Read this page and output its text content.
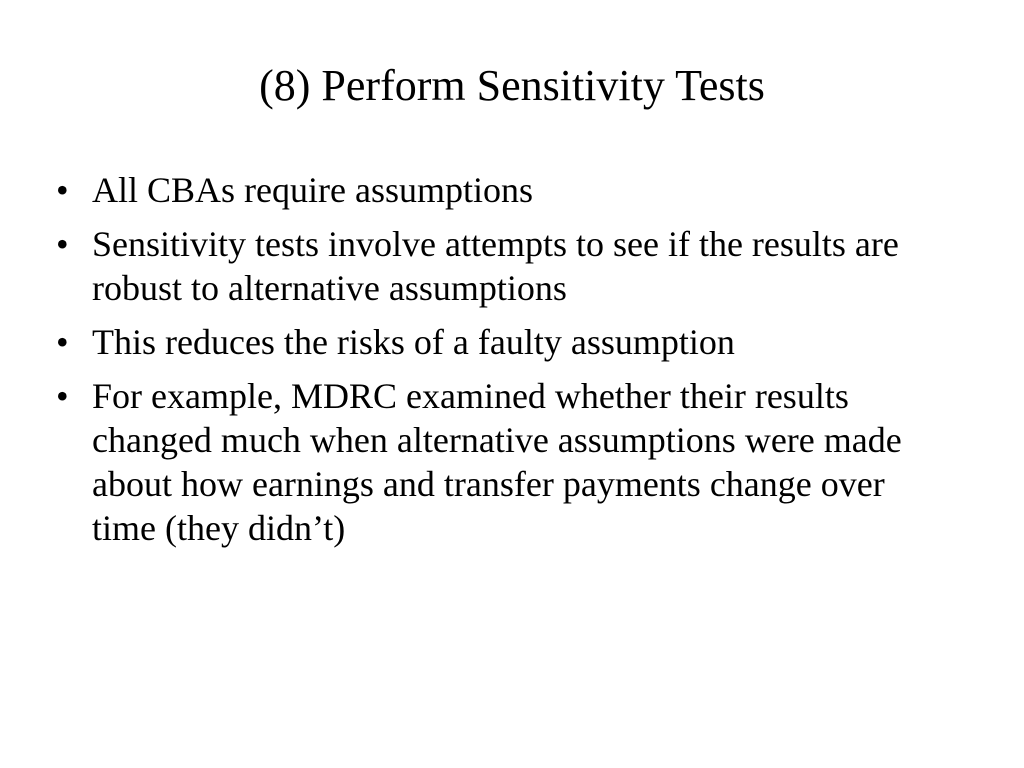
(8) Perform Sensitivity Tests
• All CBAs require assumptions
• Sensitivity tests involve attempts to see if the results are robust to alternative assumptions
• This reduces the risks of a faulty assumption
• For example, MDRC examined whether their results changed much when alternative assumptions were made about how earnings and transfer payments change over time (they didn’t)
